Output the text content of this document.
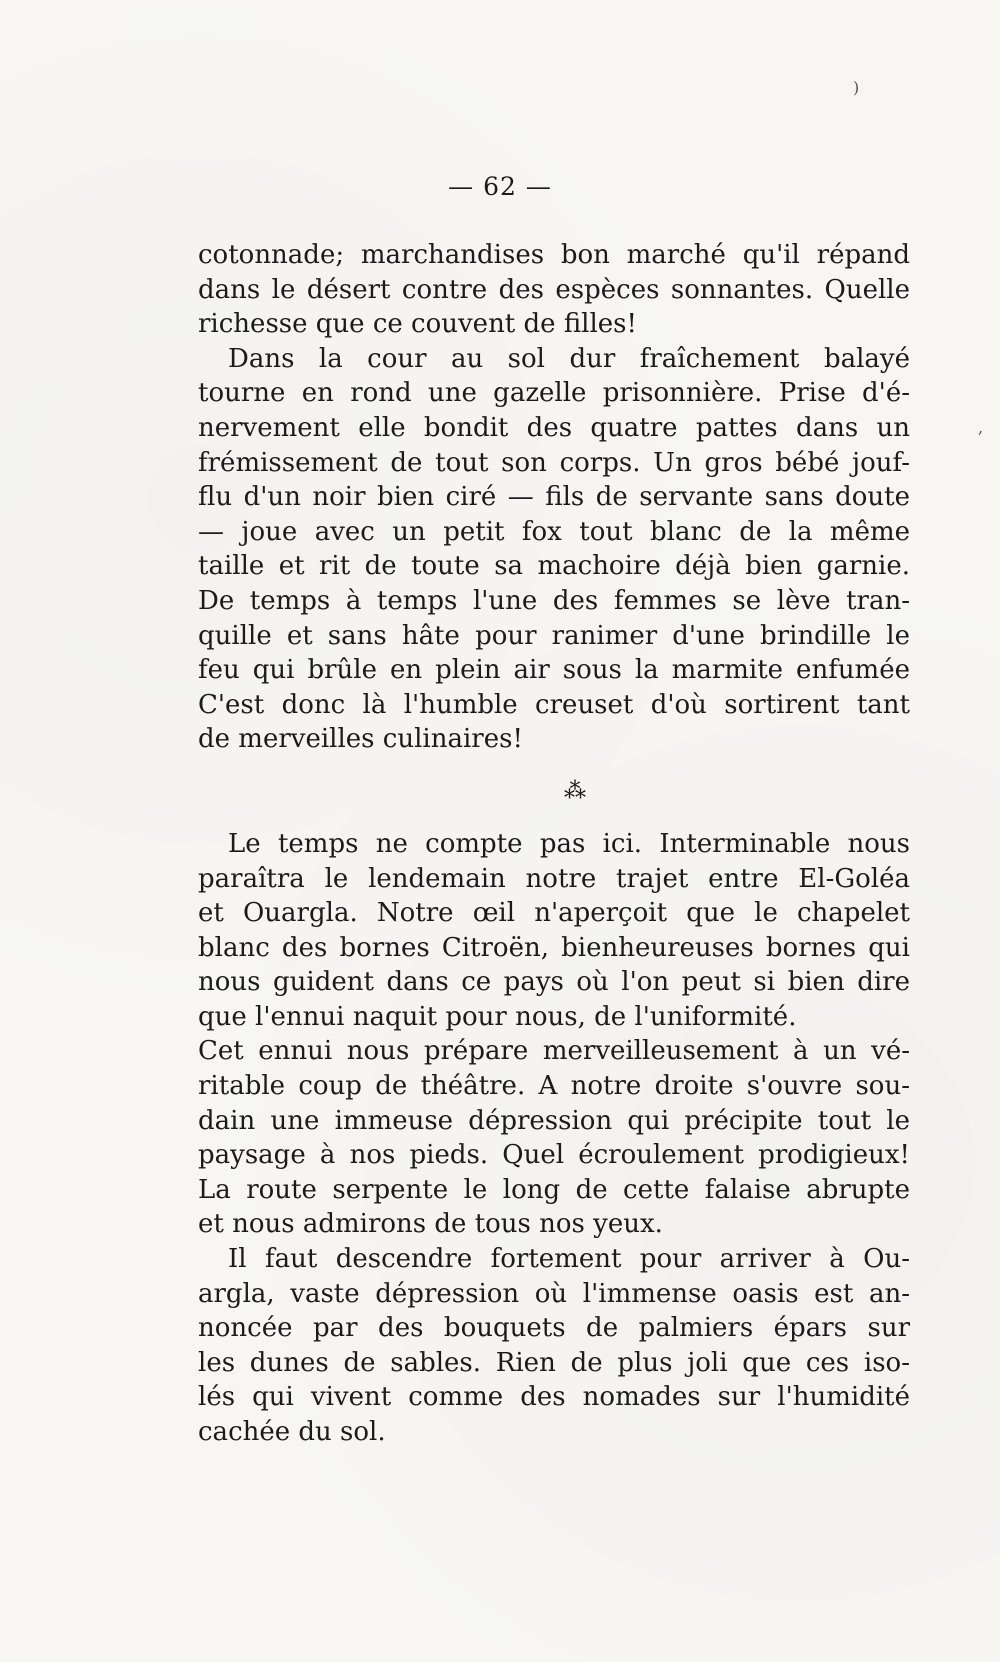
— 62 —
cotonnade; marchandises bon marché qu'il répand
dans le désert contre des espèces sonnantes. Quelle
richesse que ce couvent de filles!
Dans la cour au sol dur fraîchement balayé
tourne en rond une gazelle prisonnière. Prise d'é-
nervement elle bondit des quatre pattes dans un
frémissement de tout son corps. Un gros bébé jouf-
flu d'un noir bien ciré — fils de servante sans doute
— joue avec un petit fox tout blanc de la même
taille et rit de toute sa machoire déjà bien garnie.
De temps à temps l'une des femmes se lève tran-
quille et sans hâte pour ranimer d'une brindille le
feu qui brûle en plein air sous la marmite enfumée
C'est donc là l'humble creuset d'où sortirent tant
de merveilles culinaires!
⁂
Le temps ne compte pas ici. Interminable nous
paraîtra le lendemain notre trajet entre El-Goléa
et Ouargla. Notre œil n'aperçoit que le chapelet
blanc des bornes Citroën, bienheureuses bornes qui
nous guident dans ce pays où l'on peut si bien dire
que l'ennui naquit pour nous, de l'uniformité.
Cet ennui nous prépare merveilleusement à un vé-
ritable coup de théâtre. A notre droite s'ouvre sou-
dain une immeuse dépression qui précipite tout le
paysage à nos pieds. Quel écroulement prodigieux!
La route serpente le long de cette falaise abrupte
et nous admirons de tous nos yeux.
Il faut descendre fortement pour arriver à Ou-
argla, vaste dépression où l'immense oasis est an-
noncée par des bouquets de palmiers épars sur
les dunes de sables. Rien de plus joli que ces iso-
lés qui vivent comme des nomades sur l'humidité
cachée du sol.
)
,
